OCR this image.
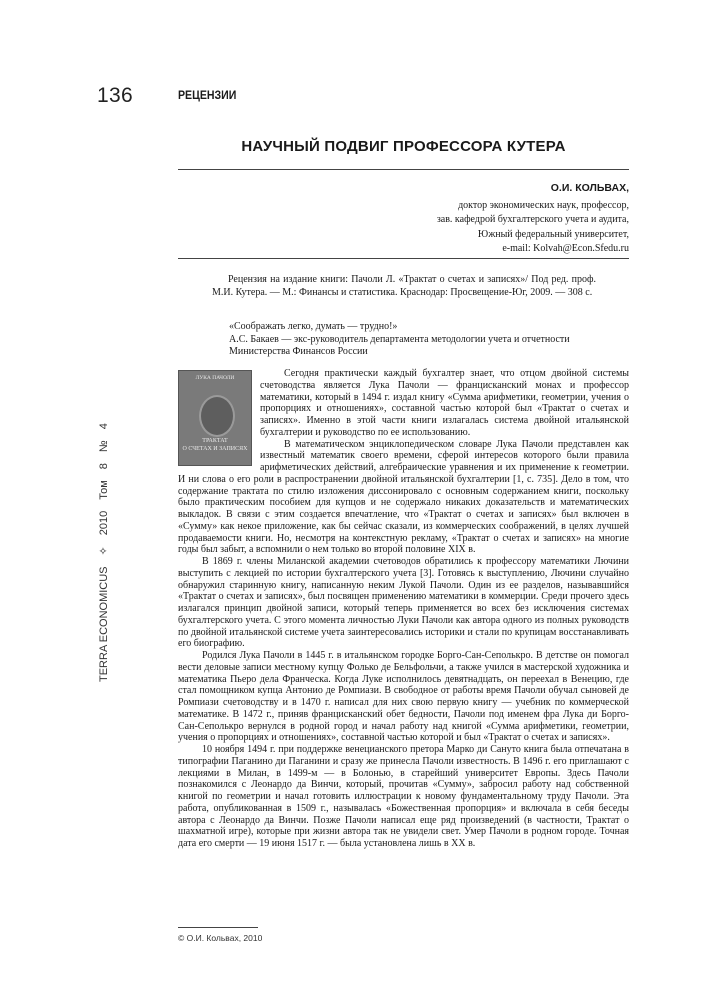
136	РЕЦЕНЗИИ
TERRA ECONOMICUS
✧
2010
Том
8
№
4
НАУЧНЫЙ ПОДВИГ ПРОФЕССОРА КУТЕРА
О.И. КОЛЬВАХ,
доктор экономических наук, профессор,
зав. кафедрой бухгалтерского учета и аудита,
Южный федеральный университет,
e-mail: Kolvah@Econ.Sfedu.ru

Рецензия на издание книги: Пачоли Л. «Трактат о счетах и записях»/ Под ред. проф. М.И. Кутера. — М.: Финансы и статистика. Краснодар: Просвещение-Юг, 2009. — 308 с.

«Соображать легко, думать — трудно!»
А.С. Бакаев — экс-руководитель департамента методологии учета и отчетности
Министерства Финансов России
ЛУКА ПАЧОЛИ
ТРАКТАТ
О СЧЕТАХ И ЗАПИСЯХ

Сегодня практически каждый бухгалтер знает, что отцом двойной системы счетоводства является Лука Пачоли — францисканский монах и профессор математики, который в 1494 г. издал книгу «Сумма арифметики, геометрии, учения о пропорциях и отношениях», составной частью которой был «Трактат о счетах и записях». Именно в этой части книги излагалась система двойной итальянской бухгалтерии и руководство по ее использованию.

В математическом энциклопедическом словаре Лука Пачоли представлен как известный математик своего времени, сферой интересов которого были правила арифметических действий, алгебраические уравнения и их применение к геометрии. И ни слова о его роли в распространении двойной итальянской бухгалтерии [1, с. 735]. Дело в том, что содержание трактата по стилю изложения диссонировало с основным содержанием книги, поскольку было практическим пособием для купцов и не содержало никаких доказательств и математических выкладок. В связи с этим создается впечатление, что «Трактат о счетах и записях» был включен в «Сумму» как некое приложение, как бы сейчас сказали, из коммерческих соображений, в целях лучшей продаваемости книги. Но, несмотря на контекстную рекламу, «Трактат о счетах и записях» на многие годы был забыт, а вспомнили о нем только во второй половине XIX в.

В 1869 г. члены Миланской академии счетоводов обратились к профессору математики Лючини выступить с лекцией по истории бухгалтерского учета [3]. Готовясь к выступлению, Лючини случайно обнаружил старинную книгу, написанную неким Лукой Пачоли. Один из ее разделов, называвшийся «Трактат о счетах и записях», был посвящен применению математики в коммерции. Среди прочего здесь излагался принцип двойной записи, который теперь применяется во всех без исключения системах бухгалтерского учета. С этого момента личностью Луки Пачоли как автора одного из полных руководств по двойной итальянской системе учета заинтересовались историки и стали по крупицам восстанавливать его биографию.

Родился Лука Пачоли в 1445 г. в итальянском городке Борго-Сан-Сеполькро. В детстве он помогал вести деловые записи местному купцу Фолько де Бельфольчи, а также учился в мастерской художника и математика Пьеро дела Франческа. Когда Луке исполнилось девятнадцать, он переехал в Венецию, где стал помощником купца Антонио де Ромпиази. В свободное от работы время Пачоли обучал сыновей де Ромпиази счетоводству и в 1470 г. написал для них свою первую книгу — учебник по коммерческой математике. В 1472 г., приняв францисканский обет бедности, Пачоли под именем фра Лука ди Борго-Сан-Сеполькро вернулся в родной город и начал работу над книгой «Сумма арифметики, геометрии, учения о пропорциях и отношениях», составной частью которой и был «Трактат о счетах и записях».

10 ноября 1494 г. при поддержке венецианского претора Марко ди Сануто книга была отпечатана в типографии Паганино ди Паганини и сразу же принесла Пачоли известность. В 1496 г. его приглашают с лекциями в Милан, в 1499-м — в Болонью, в старейший университет Европы. Здесь Пачоли познакомился с Леонардо да Винчи, который, прочитав «Сумму», забросил работу над собственной книгой по геометрии и начал готовить иллюстрации к новому фундаментальному труду Пачоли. Эта работа, опубликованная в 1509 г., называлась «Божественная пропорция» и включала в себя беседы автора с Леонардо да Винчи. Позже Пачоли написал еще ряд произведений (в частности, Трактат о шахматной игре), которые при жизни автора так не увидели свет. Умер Пачоли в родном городе. Точная дата его смерти — 19 июня 1517 г. — была установлена лишь в XX в.

© О.И. Кольвах, 2010
